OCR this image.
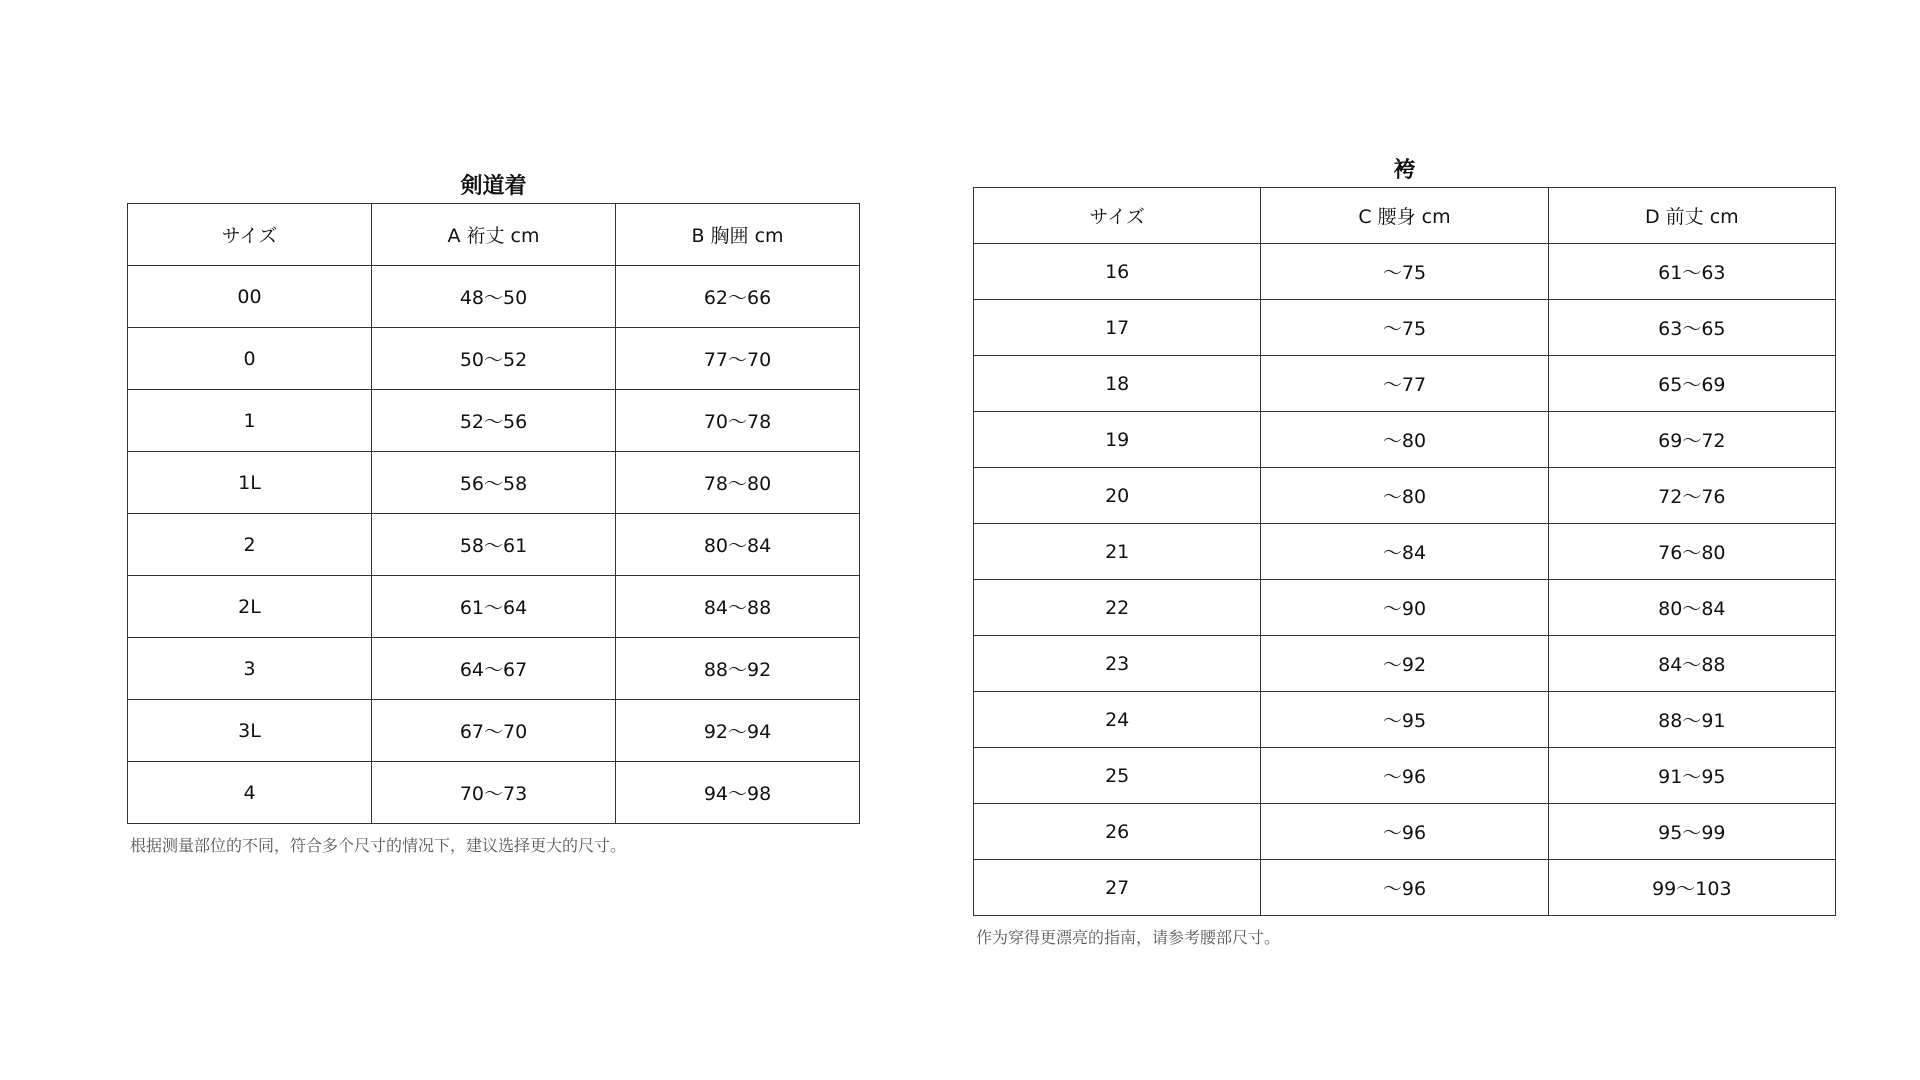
剣道着
サイズ	A 裄丈 cm	B 胸囲 cm
00	48～50	62～66
0	50～52	77～70
1	52～56	70～78
1L	56～58	78～80
2	58～61	80～84
2L	61～64	84～88
3	64～67	88～92
3L	67～70	92～94
4	70～73	94～98
根据测量部位的不同，符合多个尺寸的情况下，建议选择更大的尺寸。
袴
サイズ	C 腰身 cm	D 前丈 cm
16	～75	61～63
17	～75	63～65
18	～77	65～69
19	～80	69～72
20	～80	72～76
21	～84	76～80
22	～90	80～84
23	～92	84～88
24	～95	88～91
25	～96	91～95
26	～96	95～99
27	～96	99～103
作为穿得更漂亮的指南，请参考腰部尺寸。
